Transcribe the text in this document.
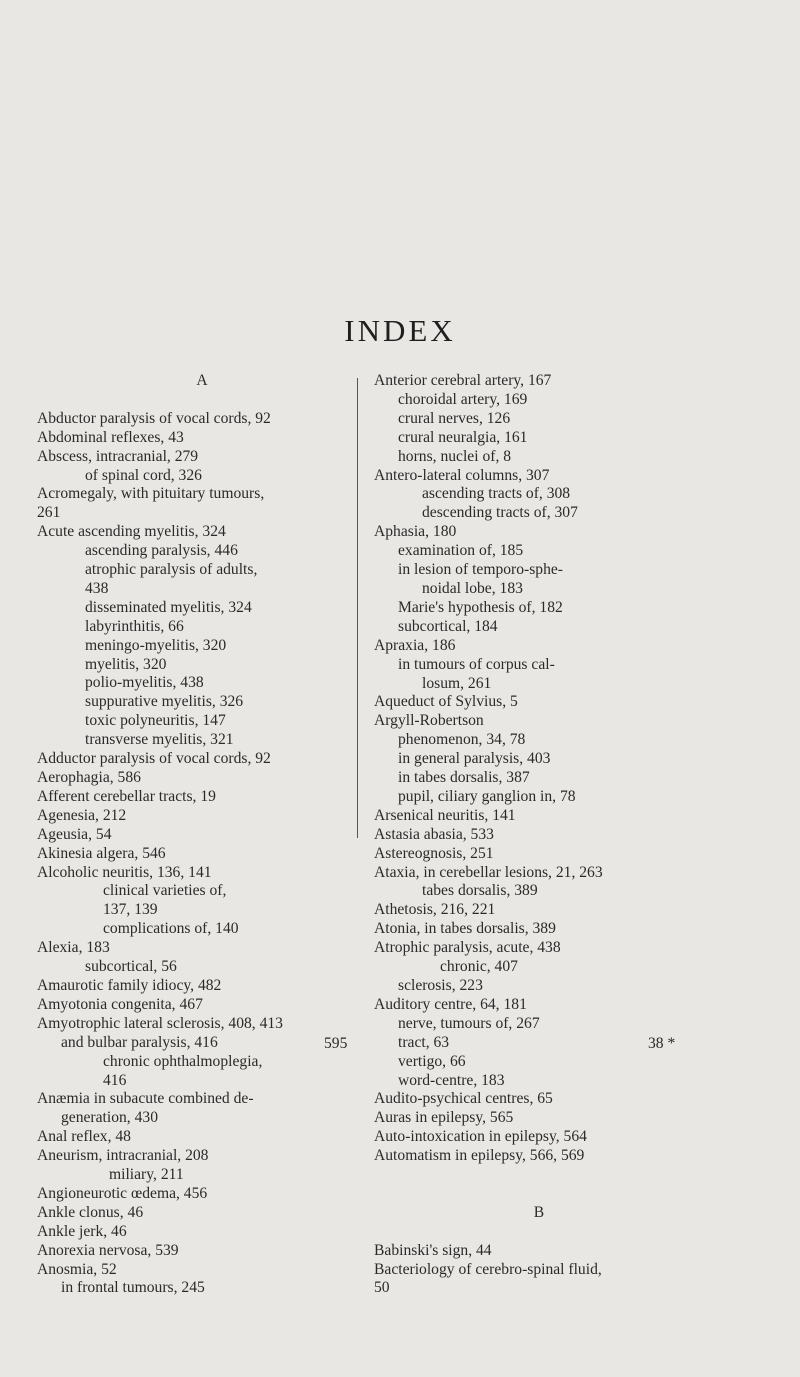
INDEX
A
Abductor paralysis of vocal cords, 92
Abdominal reflexes, 43
Abscess, intracranial, 279
of spinal cord, 326
Acromegaly, with pituitary tumours,
261
Acute ascending myelitis, 324
ascending paralysis, 446
atrophic paralysis of adults,
438
disseminated myelitis, 324
labyrinthitis, 66
meningo-myelitis, 320
myelitis, 320
polio-myelitis, 438
suppurative myelitis, 326
toxic polyneuritis, 147
transverse myelitis, 321
Adductor paralysis of vocal cords, 92
Aerophagia, 586
Afferent cerebellar tracts, 19
Agenesia, 212
Ageusia, 54
Akinesia algera, 546
Alcoholic neuritis, 136, 141
clinical varieties of,
137, 139
complications of, 140
Alexia, 183
subcortical, 56
Amaurotic family idiocy, 482
Amyotonia congenita, 467
Amyotrophic lateral sclerosis, 408, 413
and bulbar paralysis, 416
chronic ophthalmoplegia,
416
Anæmia in subacute combined de-
generation, 430
Anal reflex, 48
Aneurism, intracranial, 208
miliary, 211
Angioneurotic œdema, 456
Ankle clonus, 46
Ankle jerk, 46
Anorexia nervosa, 539
Anosmia, 52
in frontal tumours, 245
Anterior cerebral artery, 167
choroidal artery, 169
crural nerves, 126
crural neuralgia, 161
horns, nuclei of, 8
Antero-lateral columns, 307
ascending tracts of, 308
descending tracts of, 307
Aphasia, 180
examination of, 185
in lesion of temporo-sphe-
noidal lobe, 183
Marie's hypothesis of, 182
subcortical, 184
Apraxia, 186
in tumours of corpus cal-
losum, 261
Aqueduct of Sylvius, 5
Argyll-Robertson
phenomenon, 34, 78
in general paralysis, 403
in tabes dorsalis, 387
pupil, ciliary ganglion in, 78
Arsenical neuritis, 141
Astasia abasia, 533
Astereognosis, 251
Ataxia, in cerebellar lesions, 21, 263
tabes dorsalis, 389
Athetosis, 216, 221
Atonia, in tabes dorsalis, 389
Atrophic paralysis, acute, 438
chronic, 407
sclerosis, 223
Auditory centre, 64, 181
nerve, tumours of, 267
tract, 63
vertigo, 66
word-centre, 183
Audito-psychical centres, 65
Auras in epilepsy, 565
Auto-intoxication in epilepsy, 564
Automatism in epilepsy, 566, 569
B
Babinski's sign, 44
Bacteriology of cerebro-spinal fluid,
50
595	38 *
